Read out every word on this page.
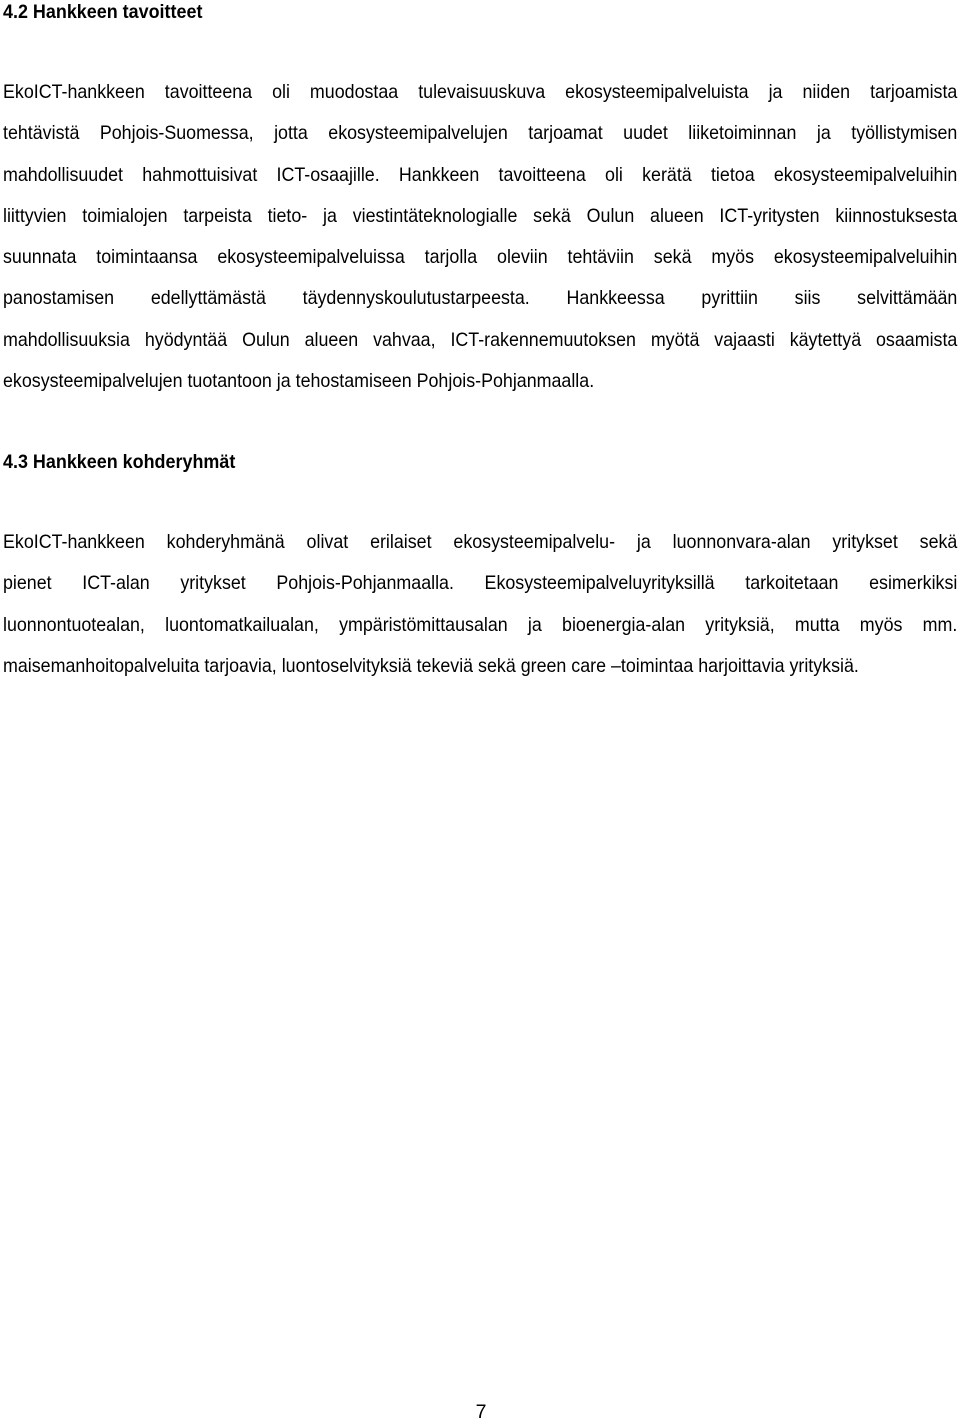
4.2 Hankkeen tavoitteet
EkoICT-hankkeen tavoitteena oli muodostaa tulevaisuuskuva ekosysteemipalveluista ja niiden tarjoamista
tehtävistä Pohjois-Suomessa, jotta ekosysteemipalvelujen tarjoamat uudet liiketoiminnan ja työllistymisen
mahdollisuudet hahmottuisivat ICT-osaajille. Hankkeen tavoitteena oli kerätä tietoa ekosysteemipalveluihin
liittyvien toimialojen tarpeista tieto- ja viestintäteknologialle sekä Oulun alueen ICT-yritysten kiinnostuksesta
suunnata toimintaansa ekosysteemipalveluissa tarjolla oleviin tehtäviin sekä myös ekosysteemipalveluihin
panostamisen edellyttämästä täydennyskoulutustarpeesta. Hankkeessa pyrittiin siis selvittämään
mahdollisuuksia hyödyntää Oulun alueen vahvaa, ICT-rakennemuutoksen myötä vajaasti käytettyä osaamista
ekosysteemipalvelujen tuotantoon ja tehostamiseen Pohjois-Pohjanmaalla.
4.3 Hankkeen kohderyhmät
EkoICT-hankkeen kohderyhmänä olivat erilaiset ekosysteemipalvelu- ja luonnonvara-alan yritykset sekä
pienet ICT-alan yritykset Pohjois-Pohjanmaalla. Ekosysteemipalveluyrityksillä tarkoitetaan esimerkiksi
luonnontuotealan, luontomatkailualan, ympäristömittausalan ja bioenergia-alan yrityksiä, mutta myös mm.
maisemanhoitopalveluita tarjoavia, luontoselvityksiä tekeviä sekä green care –toimintaa harjoittavia yrityksiä.
7
